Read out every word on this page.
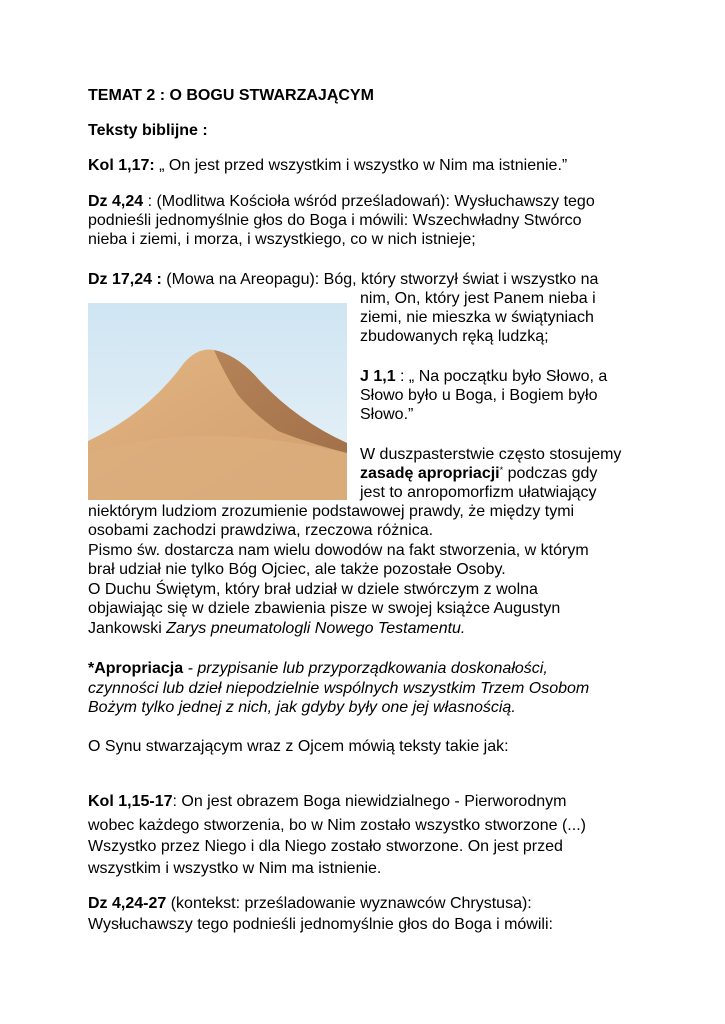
TEMAT 2 : O BOGU STWARZAJĄCYM
Teksty biblijne :
Kol 1,17: „ On jest przed wszystkim i wszystko w Nim ma istnienie.”
Dz 4,24 : (Modlitwa Kościoła wśród prześladowań): Wysłuchawszy tego
podnieśli jednomyślnie głos do Boga i mówili: Wszechwładny Stwórco
nieba i ziemi, i morza, i wszystkiego, co w nich istnieje;
Dz 17,24 : (Mowa na Areopagu): Bóg, który stworzył świat i wszystko na
nim, On, który jest Panem nieba i
ziemi, nie mieszka w świątyniach
zbudowanych ręką ludzką;
J 1,1 : „ Na początku było Słowo, a
Słowo było u Boga, i Bogiem było
Słowo.”
W duszpasterstwie często stosujemy
zasadę apropriacji* podczas gdy
jest to anropomorfizm ułatwiający
niektórym ludziom zrozumienie podstawowej prawdy, że między tymi
osobami zachodzi prawdziwa, rzeczowa różnica.
Pismo św. dostarcza nam wielu dowodów na fakt stworzenia, w którym
brał udział nie tylko Bóg Ojciec, ale także pozostałe Osoby.
O Duchu Świętym, który brał udział w dziele stwórczym z wolna
objawiając się w dziele zbawienia pisze w swojej książce Augustyn
Jankowski Zarys pneumatologli Nowego Testamentu.
*Apropriacja - przypisanie lub przyporządkowania doskonałości,
czynności lub dzieł niepodzielnie wspólnych wszystkim Trzem Osobom
Bożym tylko jednej z nich, jak gdyby były one jej własnością.
O Synu stwarzającym wraz z Ojcem mówią teksty takie jak:
Kol 1,15-17: On jest obrazem Boga niewidzialnego - Pierworodnym
wobec każdego stworzenia, bo w Nim zostało wszystko stworzone (...)
Wszystko przez Niego i dla Niego zostało stworzone. On jest przed
wszystkim i wszystko w Nim ma istnienie.
Dz 4,24-27 (kontekst: prześladowanie wyznawców Chrystusa):
Wysłuchawszy tego podnieśli jednomyślnie głos do Boga i mówili:
